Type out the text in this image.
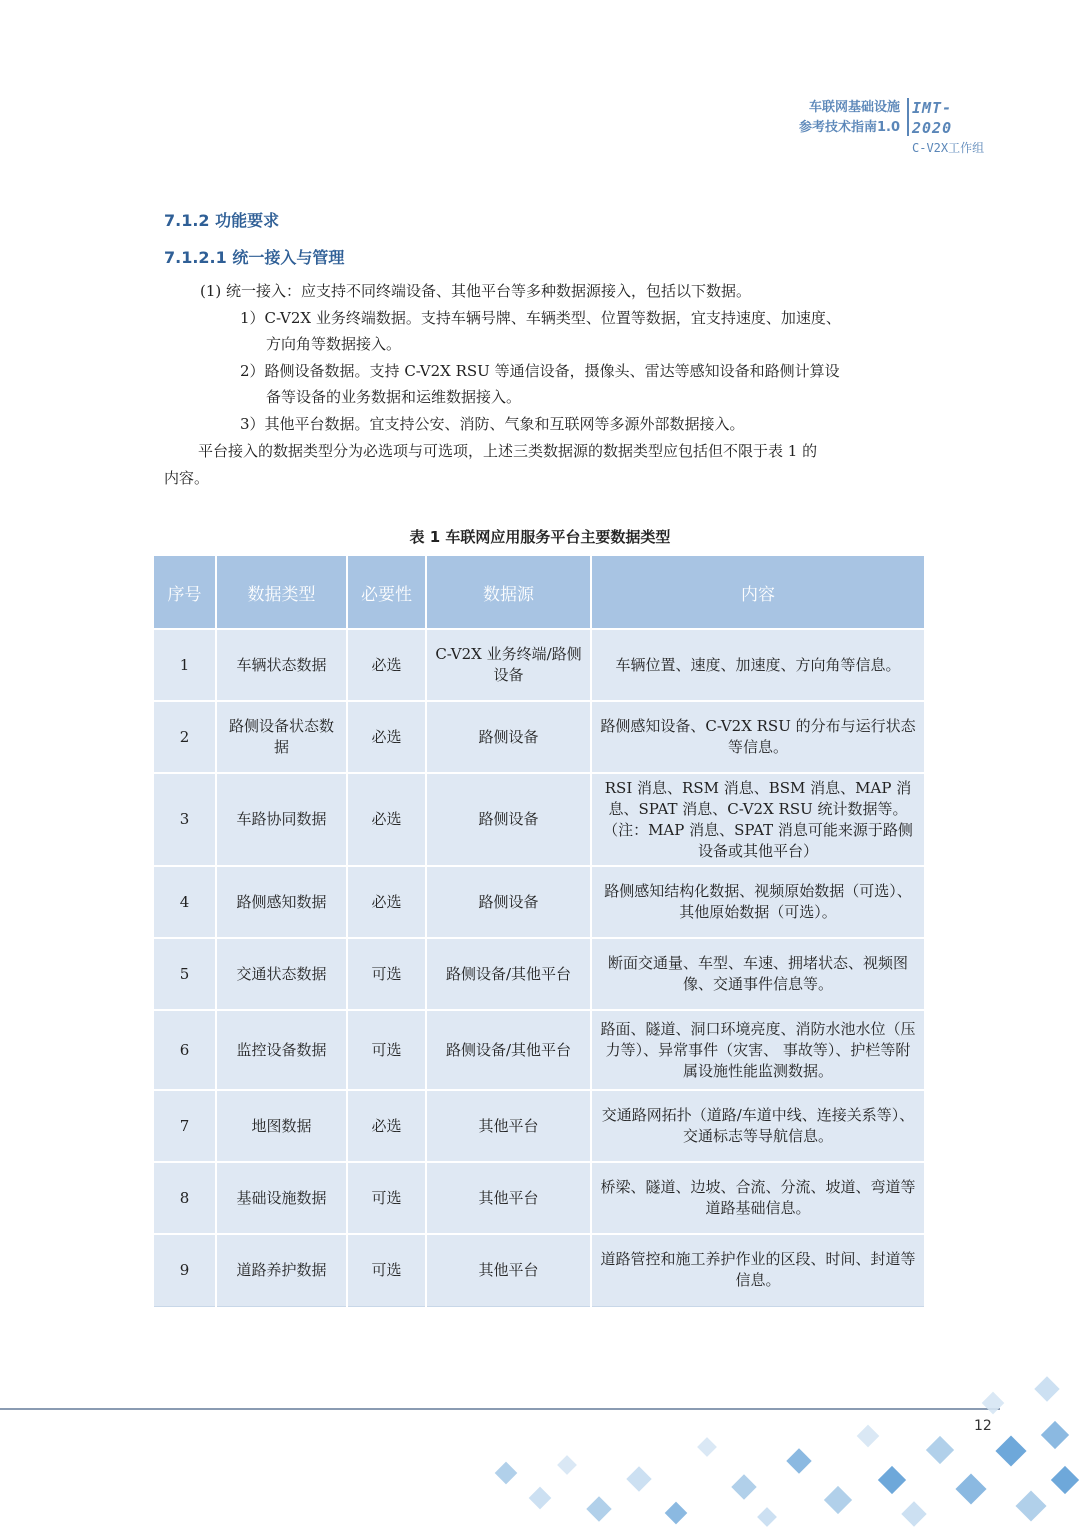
车联网基础设施
参考技术指南1.0
IMT-2020
C-V2X工作组
7.1.2 功能要求
7.1.2.1 统一接入与管理
(1) 统一接入：应支持不同终端设备、其他平台等多种数据源接入，包括以下数据。
1）C-V2X 业务终端数据。支持车辆号牌、车辆类型、位置等数据，宜支持速度、加速度、
方向角等数据接入。
2）路侧设备数据。支持 C-V2X RSU 等通信设备，摄像头、雷达等感知设备和路侧计算设
备等设备的业务数据和运维数据接入。
3）其他平台数据。宜支持公安、消防、气象和互联网等多源外部数据接入。
平台接入的数据类型分为必选项与可选项，上述三类数据源的数据类型应包括但不限于表 1 的
内容。
表 1 车联网应用服务平台主要数据类型
序号	数据类型	必要性	数据源	内容
1	车辆状态数据	必选	C-V2X 业务终端/路侧设备	车辆位置、速度、加速度、方向角等信息。
2	路侧设备状态数据	必选	路侧设备	路侧感知设备、C-V2X RSU 的分布与运行状态等信息。
3	车路协同数据	必选	路侧设备	RSI 消息、RSM 消息、BSM 消息、MAP 消息、SPAT 消息、C-V2X RSU 统计数据等。（注：MAP 消息、SPAT 消息可能来源于路侧设备或其他平台）
4	路侧感知数据	必选	路侧设备	路侧感知结构化数据、视频原始数据（可选）、其他原始数据（可选）。
5	交通状态数据	可选	路侧设备/其他平台	断面交通量、车型、车速、拥堵状态、视频图像、交通事件信息等。
6	监控设备数据	可选	路侧设备/其他平台	路面、隧道、洞口环境亮度、消防水池水位（压力等）、异常事件（灾害、 事故等）、护栏等附属设施性能监测数据。
7	地图数据	必选	其他平台	交通路网拓扑（道路/车道中线、连接关系等）、交通标志等导航信息。
8	基础设施数据	可选	其他平台	桥梁、隧道、边坡、合流、分流、坡道、弯道等道路基础信息。
9	道路养护数据	可选	其他平台	道路管控和施工养护作业的区段、时间、封道等信息。
12
